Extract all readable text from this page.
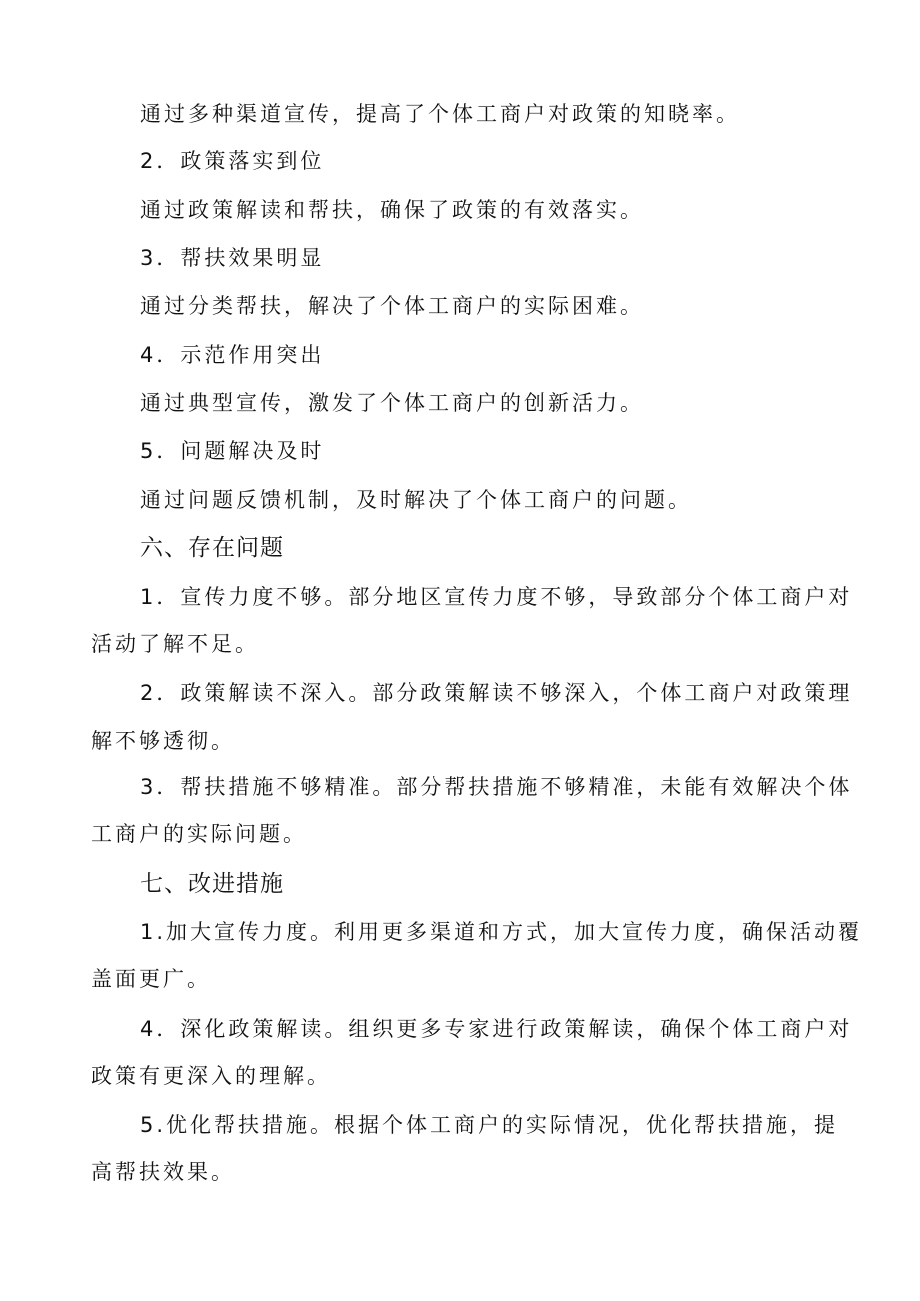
通过多种渠道宣传，提高了个体工商户对政策的知晓率。
2．政策落实到位
通过政策解读和帮扶，确保了政策的有效落实。
3．帮扶效果明显
通过分类帮扶，解决了个体工商户的实际困难。
4．示范作用突出
通过典型宣传，激发了个体工商户的创新活力。
5．问题解决及时
通过问题反馈机制，及时解决了个体工商户的问题。
六、存在问题
1．宣传力度不够。部分地区宣传力度不够，导致部分个体工商户对
活动了解不足。
2．政策解读不深入。部分政策解读不够深入，个体工商户对政策理
解不够透彻。
3．帮扶措施不够精准。部分帮扶措施不够精准，未能有效解决个体
工商户的实际问题。
七、改进措施
1.加大宣传力度。利用更多渠道和方式，加大宣传力度，确保活动覆
盖面更广。
4．深化政策解读。组织更多专家进行政策解读，确保个体工商户对
政策有更深入的理解。
5.优化帮扶措施。根据个体工商户的实际情况，优化帮扶措施，提
高帮扶效果。
